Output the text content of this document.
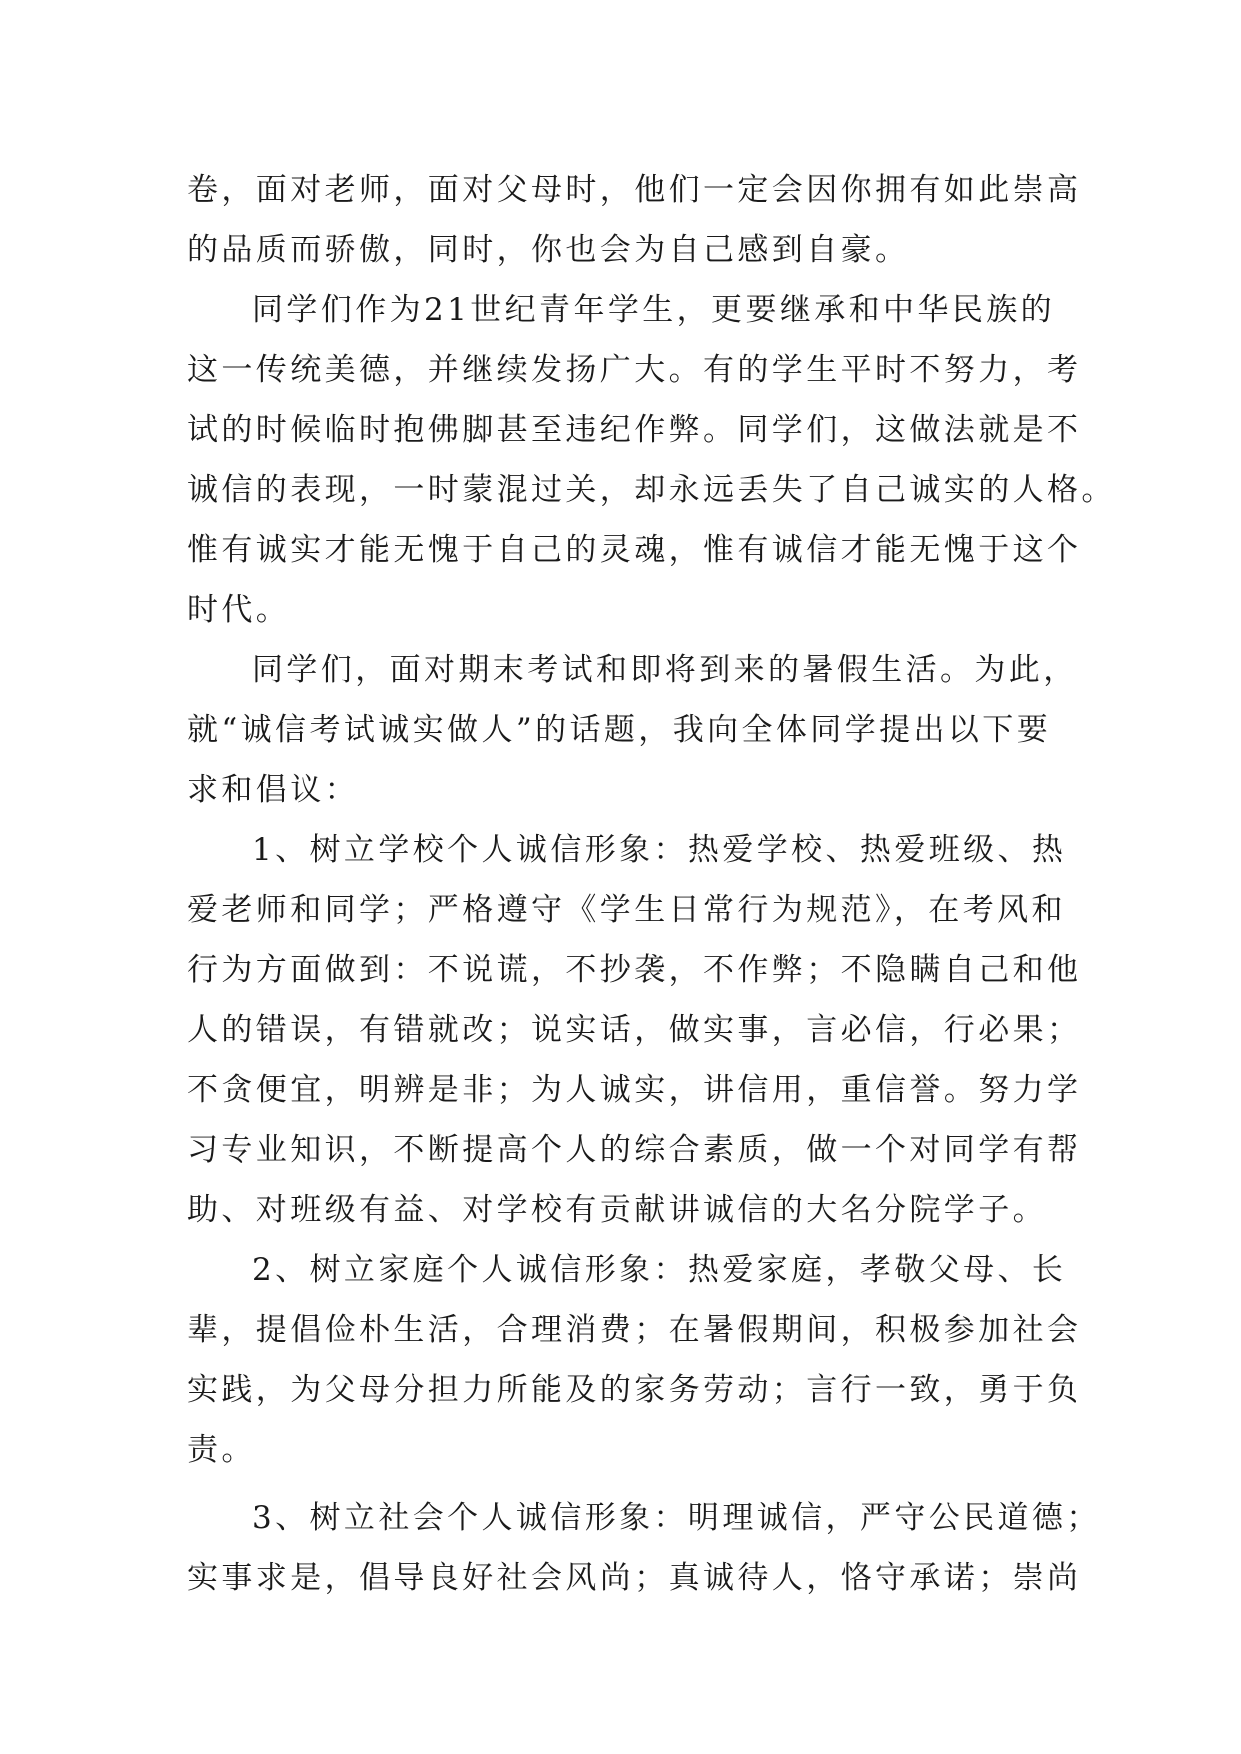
卷，面对老师，面对父母时，他们一定会因你拥有如此崇高
的品质而骄傲，同时，你也会为自己感到自豪。
同学们作为21世纪青年学生，更要继承和中华民族的
这一传统美德，并继续发扬广大。有的学生平时不努力，考
试的时候临时抱佛脚甚至违纪作弊。同学们，这做法就是不
诚信的表现，一时蒙混过关，却永远丢失了自己诚实的人格。
惟有诚实才能无愧于自己的灵魂，惟有诚信才能无愧于这个
时代。
同学们，面对期末考试和即将到来的暑假生活。为此，
就“诚信考试诚实做人”的话题，我向全体同学提出以下要
求和倡议：
1、树立学校个人诚信形象：热爱学校、热爱班级、热
爱老师和同学；严格遵守《学生日常行为规范》，在考风和
行为方面做到：不说谎，不抄袭，不作弊；不隐瞒自己和他
人的错误，有错就改；说实话，做实事，言必信，行必果；
不贪便宜，明辨是非；为人诚实，讲信用，重信誉。努力学
习专业知识，不断提高个人的综合素质，做一个对同学有帮
助、对班级有益、对学校有贡献讲诚信的大名分院学子。
2、树立家庭个人诚信形象：热爱家庭，孝敬父母、长
辈，提倡俭朴生活，合理消费；在暑假期间，积极参加社会
实践，为父母分担力所能及的家务劳动；言行一致，勇于负
责。
3、树立社会个人诚信形象：明理诚信，严守公民道德；
实事求是，倡导良好社会风尚；真诚待人，恪守承诺；崇尚
